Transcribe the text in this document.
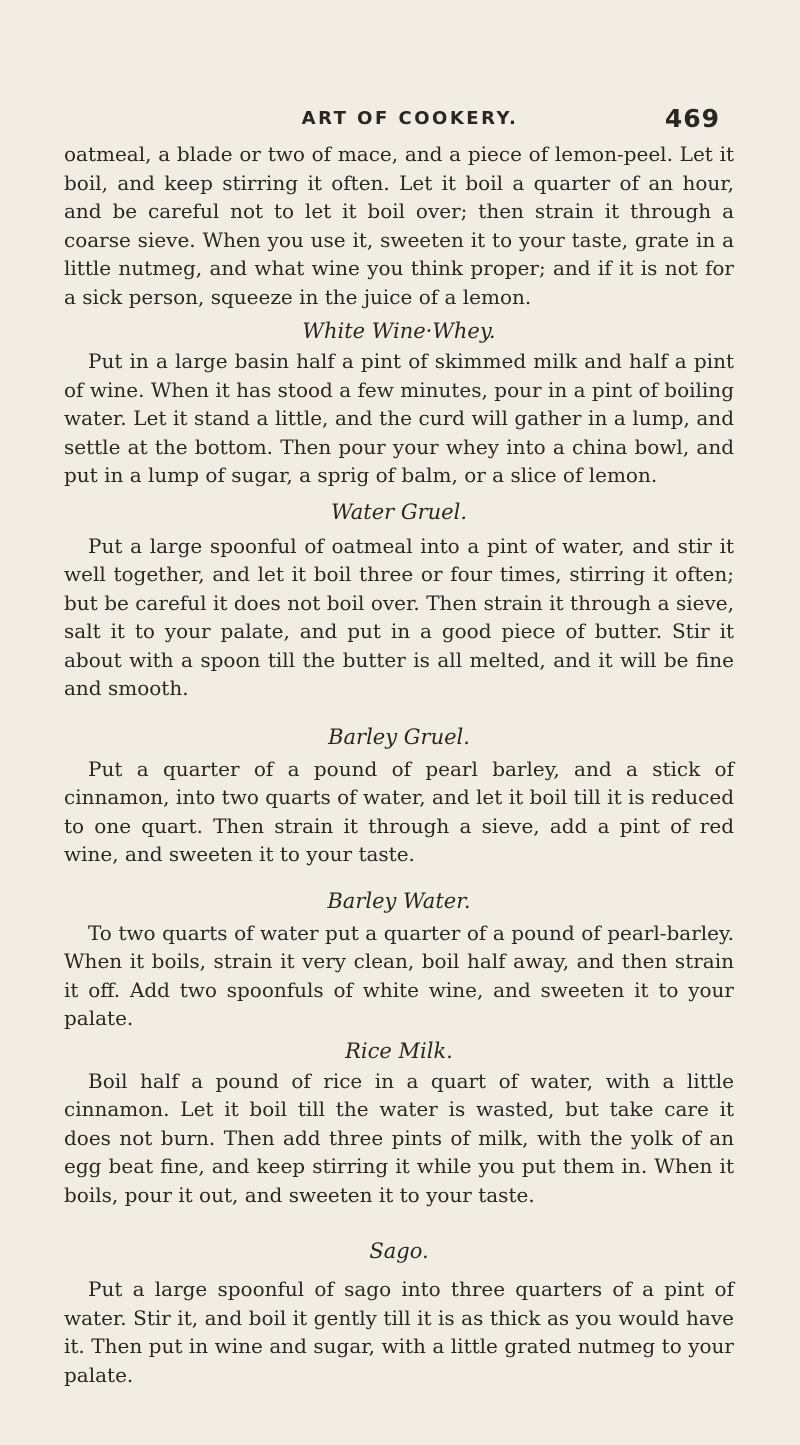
ART OF COOKERY.	469

oatmeal, a blade or two of mace, and a piece of lemon-peel. Let it boil, and keep stirring it often. Let it boil a quarter of an hour, and be careful not to let it boil over; then strain it through a coarse sieve. When you use it, sweeten it to your taste, grate in a little nutmeg, and what wine you think proper; and if it is not for a sick person, squeeze in the juice of a lemon.

White Wine·Whey.

Put in a large basin half a pint of skimmed milk and half a pint of wine. When it has stood a few minutes, pour in a pint of boiling water. Let it stand a little, and the curd will gather in a lump, and settle at the bottom. Then pour your whey into a china bowl, and put in a lump of sugar, a sprig of balm, or a slice of lemon.

Water Gruel.

Put a large spoonful of oatmeal into a pint of water, and stir it well together, and let it boil three or four times, stirring it often; but be careful it does not boil over. Then strain it through a sieve, salt it to your palate, and put in a good piece of butter. Stir it about with a spoon till the butter is all melted, and it will be fine and smooth.

Barley Gruel.

Put a quarter of a pound of pearl barley, and a stick of cinnamon, into two quarts of water, and let it boil till it is reduced to one quart. Then strain it through a sieve, add a pint of red wine, and sweeten it to your taste.

Barley Water.

To two quarts of water put a quarter of a pound of pearl-barley. When it boils, strain it very clean, boil half away, and then strain it off. Add two spoonfuls of white wine, and sweeten it to your palate.

Rice Milk.

Boil half a pound of rice in a quart of water, with a little cinnamon. Let it boil till the water is wasted, but take care it does not burn. Then add three pints of milk, with the yolk of an egg beat fine, and keep stirring it while you put them in. When it boils, pour it out, and sweeten it to your taste.

Sago.

Put a large spoonful of sago into three quarters of a pint of water. Stir it, and boil it gently till it is as thick as you would have it. Then put in wine and sugar, with a little grated nutmeg to your palate.
